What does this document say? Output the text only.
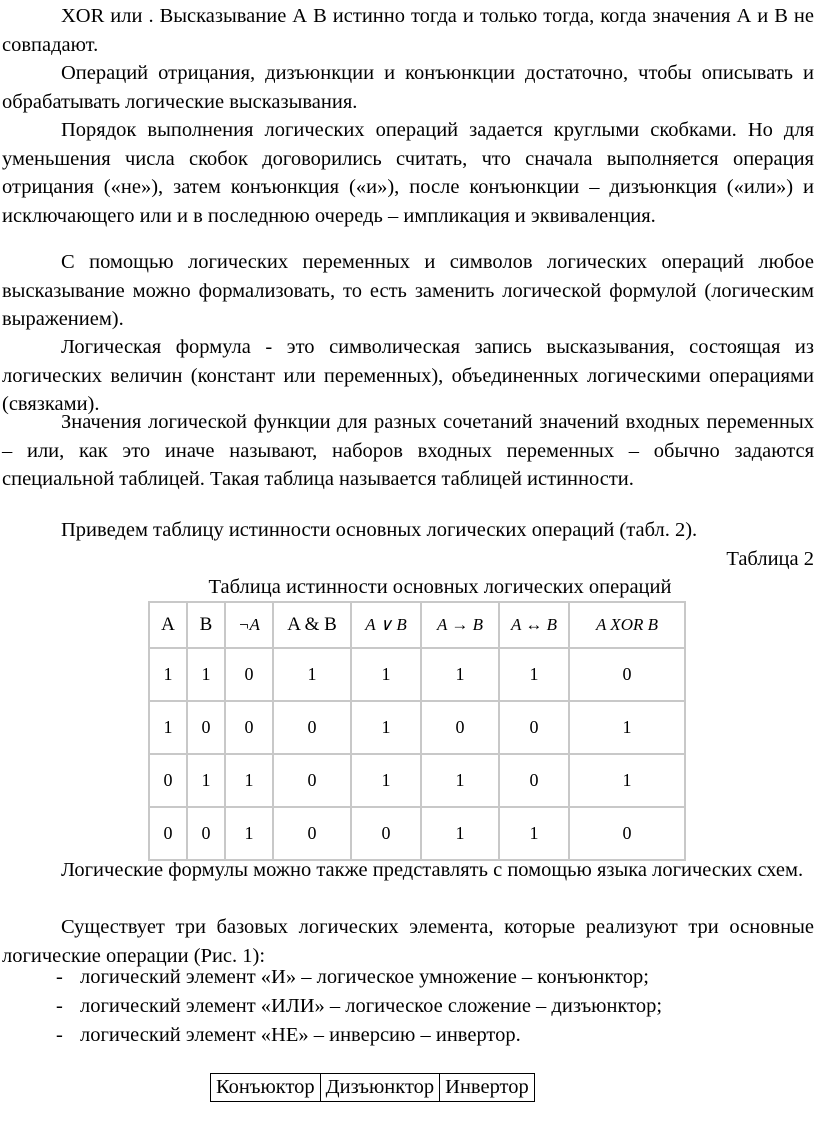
XOR или . Высказывание А В истинно тогда и только тогда, когда значения А и В не совпадают.

Операций отрицания, дизъюнкции и конъюнкции достаточно, чтобы описывать и обрабатывать логические высказывания.

Порядок выполнения логических операций задается круглыми скобками. Но для уменьшения числа скобок договорились считать, что сначала выполняется операция отрицания («не»), затем конъюнкция («и»), после конъюнкции – дизъюнкция («или») и исключающего или и в последнюю очередь – импликация и эквиваленция.

С помощью логических переменных и символов логических операций любое высказывание можно формализовать, то есть заменить логической формулой (логическим выражением).

Логическая формула - это символическая запись высказывания, состоящая из логических величин (констант или переменных), объединенных логическими операциями (связками).

Значения логической функции для разных сочетаний значений входных переменных – или, как это иначе называют, наборов входных переменных – обычно задаются специальной таблицей. Такая таблица называется таблицей истинности.

Приведем таблицу истинности основных логических операций (табл. 2).

Таблица 2
Таблица истинности основных логических операций
A	B	¬A	A & B	A ∨ B	A → B	A ↔ B	A XOR B
1	1	0	1	1	1	1	0
1	0	0	0	1	0	0	1
0	1	1	0	1	1	0	1
0	0	1	0	0	1	1	0

Логические формулы можно также представлять с помощью языка логических схем.

Существует три базовых логических элемента, которые реализуют три основные логические операции (Рис. 1):

- логический элемент «И» – логическое умножение – конъюнктор;
- логический элемент «ИЛИ» – логическое сложение – дизъюнктор;
- логический элемент «НЕ» – инверсию – инвертор.
Конъюктор	Дизъюнктор	Инвертор
